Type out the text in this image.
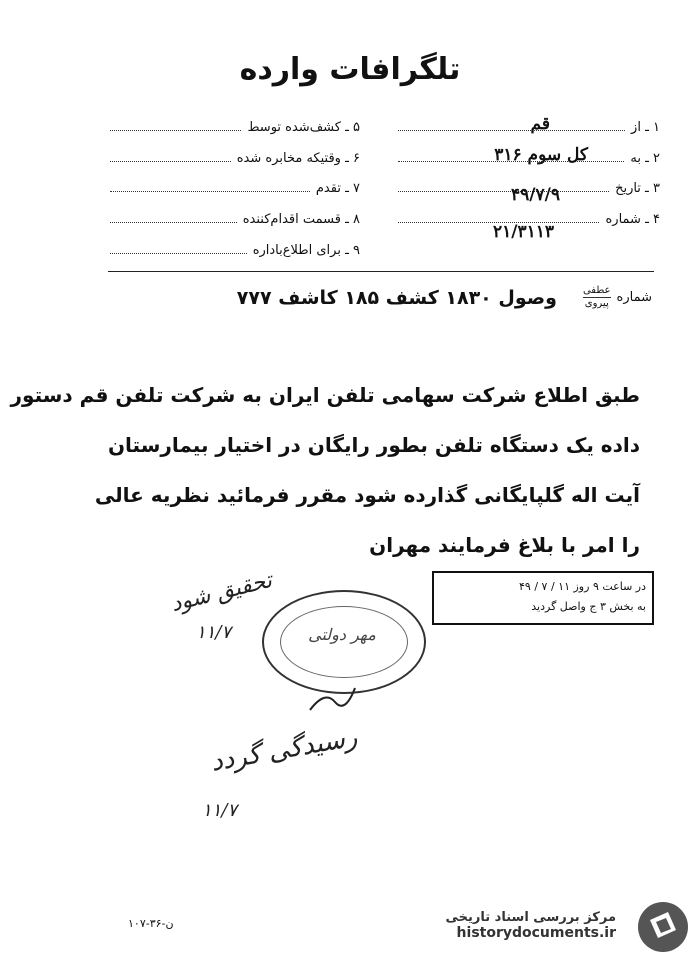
تلگرافات وارده
۱ ـ از
قم
۲ ـ به
کل سوم ۳۱۶
۳ ـ تاریخ
۴۹/۷/۹
۴ ـ شماره
۲۱/۳۱۱۳
۵ ـ کشف‌شده توسط
۶ ـ وقتیکه مخابره شده
۷ ـ تقدم
۸ ـ قسمت اقدام‌کننده
۹ ـ برای اطلاع‌باداره
شماره
عطفی
پیروی
وصول ۱۸۳۰ کشف ۱۸۵ کاشف ۷۷۷
طبق اطلاع شرکت سهامی تلفن ایران به شرکت تلفن قم دستور
داده یک دستگاه تلفن بطور رایگان در اختیار بیمارستان
آیت اله گلپایگانی گذارده شود مقرر فرمائید نظریه عالی
را امر با بلاغ فرمایند مهران
در ساعت ۹ روز ۱۱ / ۷ / ۴۹
به بخش ۳ ج واصل گردید
مهر دولتی
تحقیق شود
۱۱/۷
رسیدگی گردد
۱۱/۷
ن-۳۶-۱۰۷	مرکز بررسی اسناد تاریخی
historydocuments.ir
